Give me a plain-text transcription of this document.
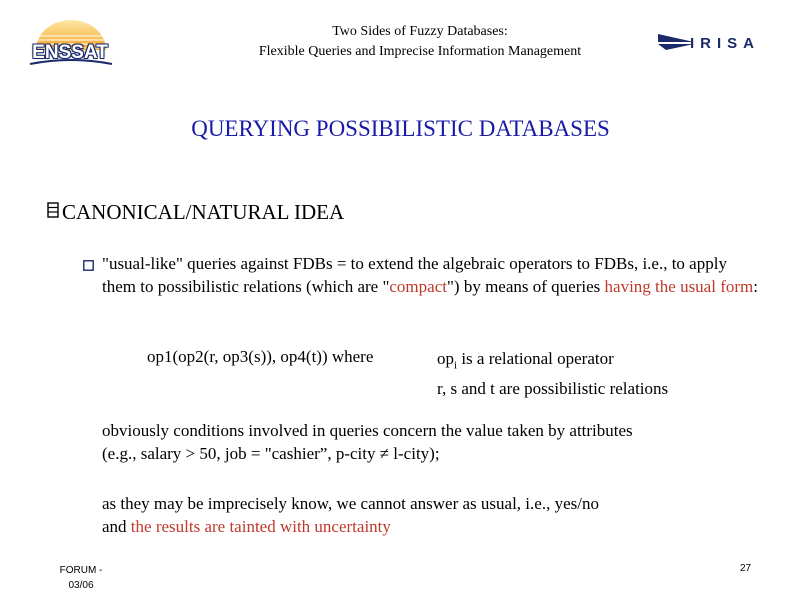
ENSSAT
Two Sides of Fuzzy Databases:
Flexible Queries and Imprecise Information Management	IRISA
QUERYING POSSIBILISTIC DATABASES
CANONICAL/NATURAL IDEA
"usual-like" queries against FDBs = to extend the algebraic operators to FDBs, i.e., to apply them to possibilistic relations (which are "compact") by means of queries having the usual form:
op1(op2(r, op3(s)), op4(t)) where	$op_i$ is a relational operator
r, s and t are possibilistic relations
obviously conditions involved in queries concern the value taken by attributes
(e.g., salary > 50, job = "cashier”, p-city ≠ l-city);
as they may be imprecisely know, we cannot answer as usual, i.e., yes/no
and the results are tainted with uncertainty
FORUM -
03/06
27
